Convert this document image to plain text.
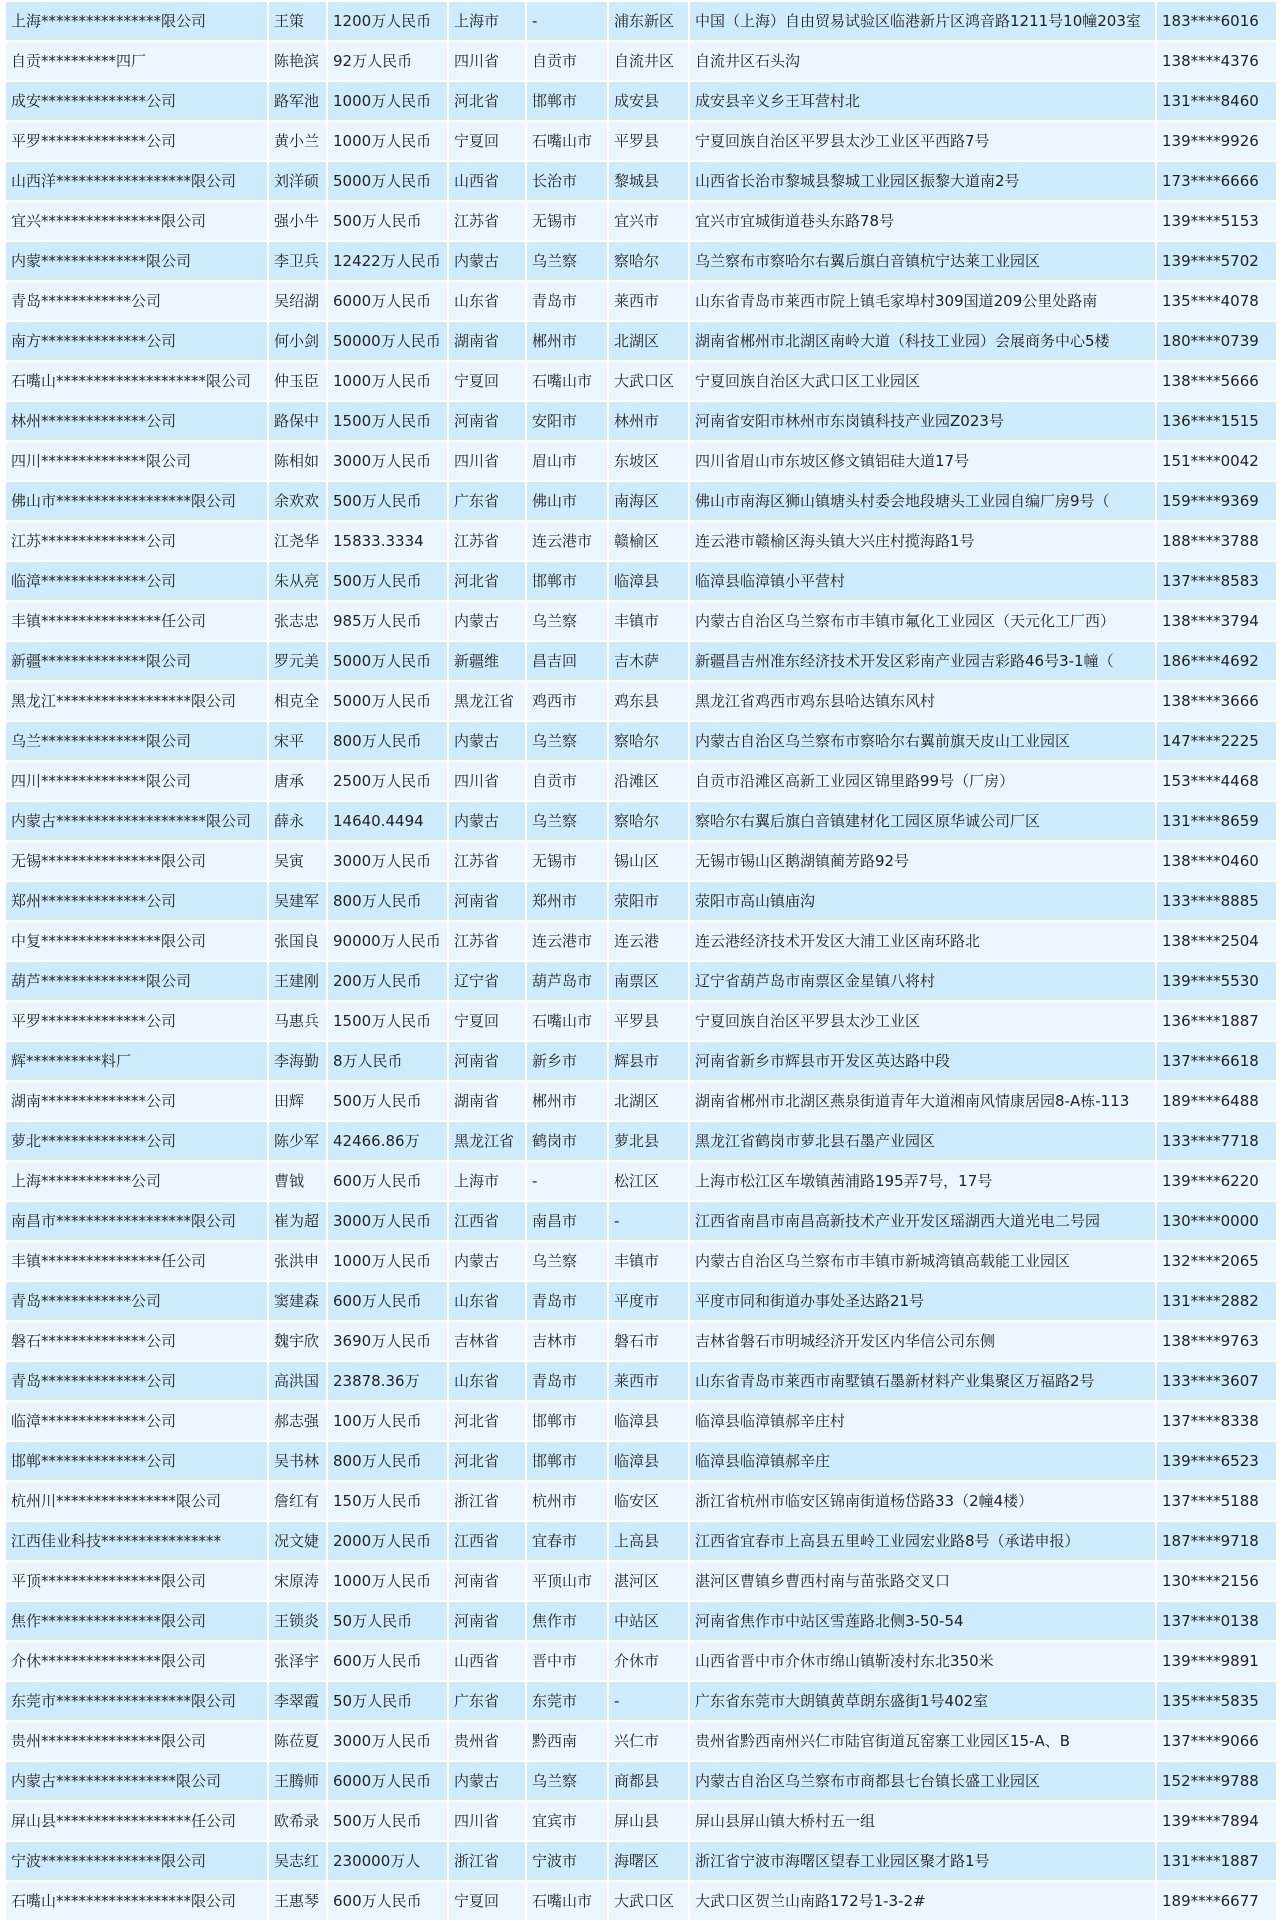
上海****************限公司	王策	1200万人民币	上海市	-	浦东新区	中国（上海）自由贸易试验区临港新片区鸿音路1211号10幢203室	183****6016
自贡**********四厂	陈艳滨	92万人民币	四川省	自贡市	自流井区	自流井区石头沟	138****4376
成安**************公司	路军池	1000万人民币	河北省	邯郸市	成安县	成安县辛义乡王耳营村北	131****8460
平罗**************公司	黄小兰	1000万人民币	宁夏回	石嘴山市	平罗县	宁夏回族自治区平罗县太沙工业区平西路7号	139****9926
山西洋******************限公司	刘洋硕	5000万人民币	山西省	长治市	黎城县	山西省长治市黎城县黎城工业园区振黎大道南2号	173****6666
宜兴****************限公司	强小牛	500万人民币	江苏省	无锡市	宜兴市	宜兴市宜城街道巷头东路78号	139****5153
内蒙**************限公司	李卫兵	12422万人民币	内蒙古	乌兰察	察哈尔	乌兰察布市察哈尔右翼后旗白音镇杭宁达莱工业园区	139****5702
青岛************公司	吴绍湖	6000万人民币	山东省	青岛市	莱西市	山东省青岛市莱西市院上镇毛家埠村309国道209公里处路南	135****4078
南方**************公司	何小剑	50000万人民币	湖南省	郴州市	北湖区	湖南省郴州市北湖区南岭大道（科技工业园）会展商务中心5楼	180****0739
石嘴山********************限公司	仲玉臣	1000万人民币	宁夏回	石嘴山市	大武口区	宁夏回族自治区大武口区工业园区	138****5666
林州**************公司	路保中	1500万人民币	河南省	安阳市	林州市	河南省安阳市林州市东岗镇科技产业园Z023号	136****1515
四川**************限公司	陈相如	3000万人民币	四川省	眉山市	东坡区	四川省眉山市东坡区修文镇铝硅大道17号	151****0042
佛山市******************限公司	余欢欢	500万人民币	广东省	佛山市	南海区	佛山市南海区狮山镇塘头村委会地段塘头工业园自编厂房9号（	159****9369
江苏**************公司	江尧华	15833.3334	江苏省	连云港市	赣榆区	连云港市赣榆区海头镇大兴庄村揽海路1号	188****3788
临漳**************公司	朱从亮	500万人民币	河北省	邯郸市	临漳县	临漳县临漳镇小平营村	137****8583
丰镇****************任公司	张志忠	985万人民币	内蒙古	乌兰察	丰镇市	内蒙古自治区乌兰察布市丰镇市氟化工业园区（天元化工厂西）	138****3794
新疆**************限公司	罗元美	5000万人民币	新疆维	昌吉回	吉木萨	新疆昌吉州准东经济技术开发区彩南产业园吉彩路46号3-1幢（	186****4692
黑龙江******************限公司	相克全	5000万人民币	黑龙江省	鸡西市	鸡东县	黑龙江省鸡西市鸡东县哈达镇东风村	138****3666
乌兰**************限公司	宋平	800万人民币	内蒙古	乌兰察	察哈尔	内蒙古自治区乌兰察布市察哈尔右翼前旗天皮山工业园区	147****2225
四川**************限公司	唐承	2500万人民币	四川省	自贡市	沿滩区	自贡市沿滩区高新工业园区锦里路99号（厂房）	153****4468
内蒙古********************限公司	薛永	14640.4494	内蒙古	乌兰察	察哈尔	察哈尔右翼后旗白音镇建材化工园区原华诚公司厂区	131****8659
无锡****************限公司	吴寅	3000万人民币	江苏省	无锡市	锡山区	无锡市锡山区鹅湖镇蔺芳路92号	138****0460
郑州**************公司	吴建军	800万人民币	河南省	郑州市	荥阳市	荥阳市高山镇庙沟	133****8885
中复****************限公司	张国良	90000万人民币	江苏省	连云港市	连云港	连云港经济技术开发区大浦工业区南环路北	138****2504
葫芦**************限公司	王建刚	200万人民币	辽宁省	葫芦岛市	南票区	辽宁省葫芦岛市南票区金星镇八将村	139****5530
平罗**************公司	马惠兵	1500万人民币	宁夏回	石嘴山市	平罗县	宁夏回族自治区平罗县太沙工业区	136****1887
辉**********料厂	李海勤	8万人民币	河南省	新乡市	辉县市	河南省新乡市辉县市开发区英达路中段	137****6618
湖南**************公司	田辉	500万人民币	湖南省	郴州市	北湖区	湖南省郴州市北湖区燕泉街道青年大道湘南风情康居园8-A栋-113	189****6488
萝北**************公司	陈少军	42466.86万	黑龙江省	鹤岗市	萝北县	黑龙江省鹤岗市萝北县石墨产业园区	133****7718
上海************公司	曹钺	600万人民币	上海市	-	松江区	上海市松江区车墩镇茜浦路195弄7号，17号	139****6220
南昌市******************限公司	崔为超	3000万人民币	江西省	南昌市	-	江西省南昌市南昌高新技术产业开发区瑶湖西大道光电二号园	130****0000
丰镇****************任公司	张洪申	1000万人民币	内蒙古	乌兰察	丰镇市	内蒙古自治区乌兰察布市丰镇市新城湾镇高载能工业园区	132****2065
青岛************公司	窦建森	600万人民币	山东省	青岛市	平度市	平度市同和街道办事处圣达路21号	131****2882
磐石**************公司	魏宇欣	3690万人民币	吉林省	吉林市	磐石市	吉林省磐石市明城经济开发区内华信公司东侧	138****9763
青岛**************公司	高洪国	23878.36万	山东省	青岛市	莱西市	山东省青岛市莱西市南墅镇石墨新材料产业集聚区万福路2号	133****3607
临漳**************公司	郝志强	100万人民币	河北省	邯郸市	临漳县	临漳县临漳镇郝辛庄村	137****8338
邯郸**************公司	吴书林	800万人民币	河北省	邯郸市	临漳县	临漳县临漳镇郝辛庄	139****6523
杭州川****************限公司	詹红有	150万人民币	浙江省	杭州市	临安区	浙江省杭州市临安区锦南街道杨岱路33（2幢4楼）	137****5188
江西佳业科技****************	况文婕	2000万人民币	江西省	宜春市	上高县	江西省宜春市上高县五里岭工业园宏业路8号（承诺申报）	187****9718
平顶****************限公司	宋原涛	1000万人民币	河南省	平顶山市	湛河区	湛河区曹镇乡曹西村南与苗张路交叉口	130****2156
焦作****************限公司	王锁炎	50万人民币	河南省	焦作市	中站区	河南省焦作市中站区雪莲路北侧3-50-54	137****0138
介休****************限公司	张泽宇	600万人民币	山西省	晋中市	介休市	山西省晋中市介休市绵山镇靳凌村东北350米	139****9891
东莞市******************限公司	李翠霞	50万人民币	广东省	东莞市	-	广东省东莞市大朗镇黄草朗东盛街1号402室	135****5835
贵州****************限公司	陈莅夏	3000万人民币	贵州省	黔西南	兴仁市	贵州省黔西南州兴仁市陆官街道瓦窑寨工业园区15-A、B	137****9066
内蒙古****************限公司	王腾师	6000万人民币	内蒙古	乌兰察	商都县	内蒙古自治区乌兰察布市商都县七台镇长盛工业园区	152****9788
屏山县******************任公司	欧希录	500万人民币	四川省	宜宾市	屏山县	屏山县屏山镇大桥村五一组	139****7894
宁波****************限公司	吴志红	230000万人	浙江省	宁波市	海曙区	浙江省宁波市海曙区望春工业园区聚才路1号	131****1887
石嘴山******************限公司	王惠琴	600万人民币	宁夏回	石嘴山市	大武口区	大武口区贺兰山南路172号1-3-2#	189****6677
